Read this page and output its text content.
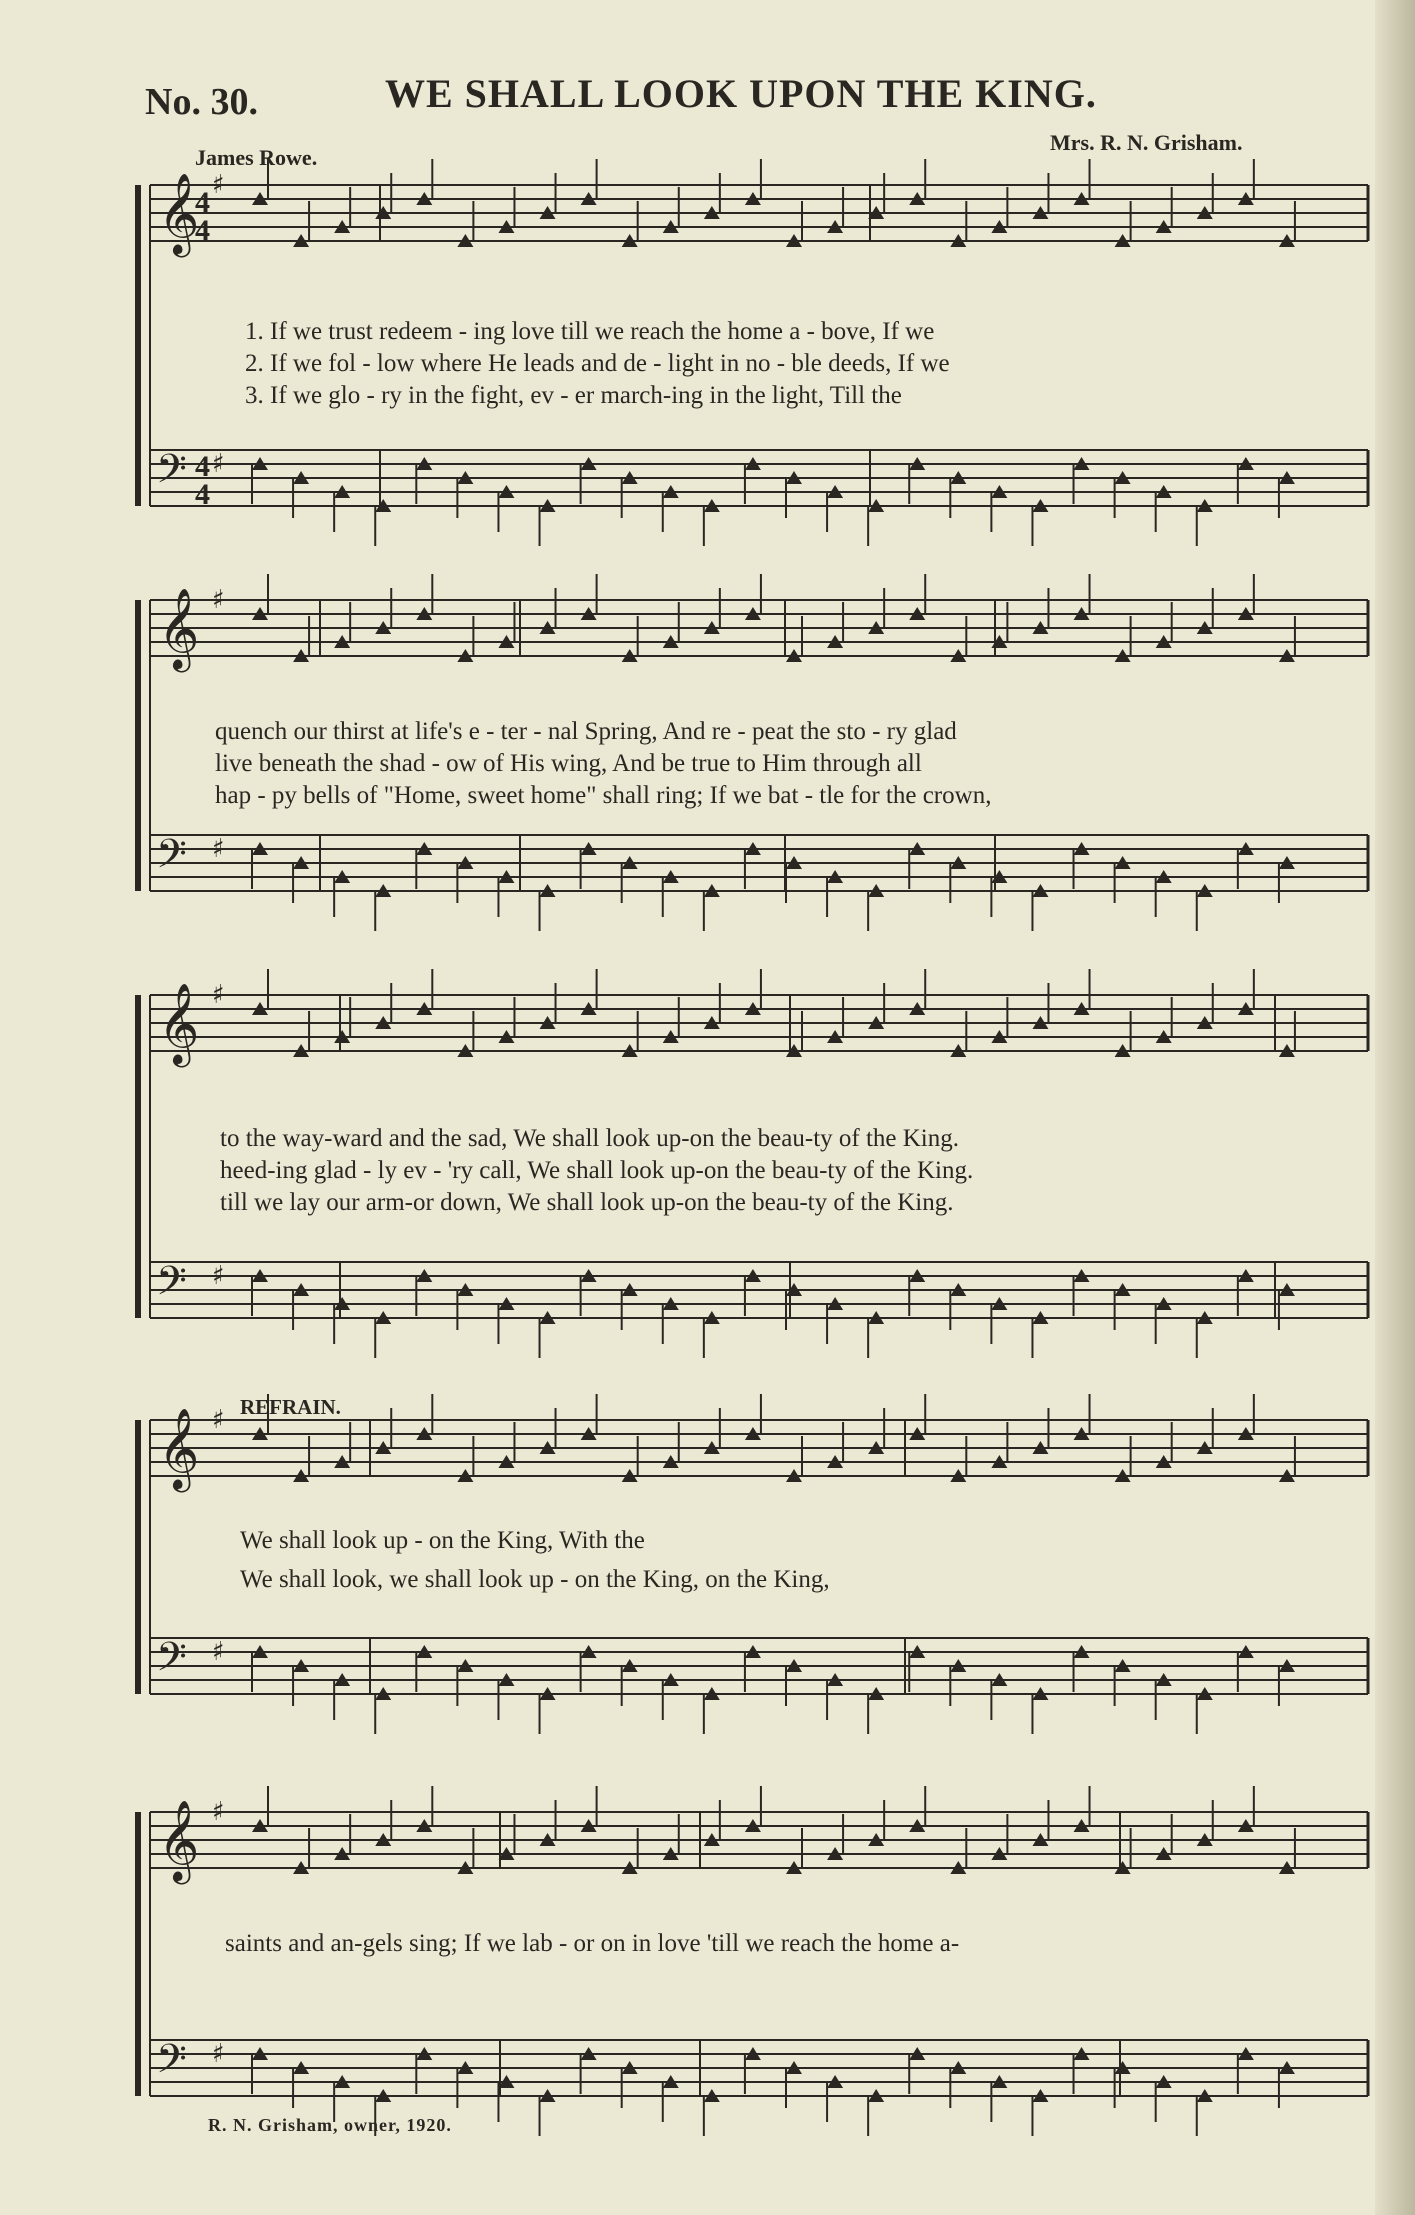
No. 30.	WE SHALL LOOK UPON THE KING.
James Rowe.
Mrs. R. N. Grisham.
𝄞
𝄢
♯
♯
𝄞
𝄢
♯
♯
𝄞
𝄢
♯
♯
𝄞
𝄢
♯
♯
𝄞
𝄢
♯
♯
1. If we trust redeem - ing love till we reach the home a - bove, If we
2. If we fol - low where He leads and de - light in no - ble deeds, If we
3. If we glo - ry in the fight, ev - er march-ing in the light, Till the
quench our thirst at life's e - ter - nal Spring, And re - peat the sto - ry glad
live beneath the shad - ow of His wing, And be true to Him through all
hap - py bells of "Home, sweet home" shall ring; If we bat - tle for the crown,
to the way-ward and the sad, We shall look up-on the beau-ty of the King.
heed-ing glad - ly ev - 'ry call, We shall look up-on the beau-ty of the King.
till we lay our arm-or down, We shall look up-on the beau-ty of the King.
REFRAIN.
We shall look up - on the King, With the
We shall look, we shall look up - on the King, on the King,
saints and an-gels sing; If we lab - or on in love 'till we reach the home a-
4
4
4
4
R. N. Grisham, owner, 1920.
